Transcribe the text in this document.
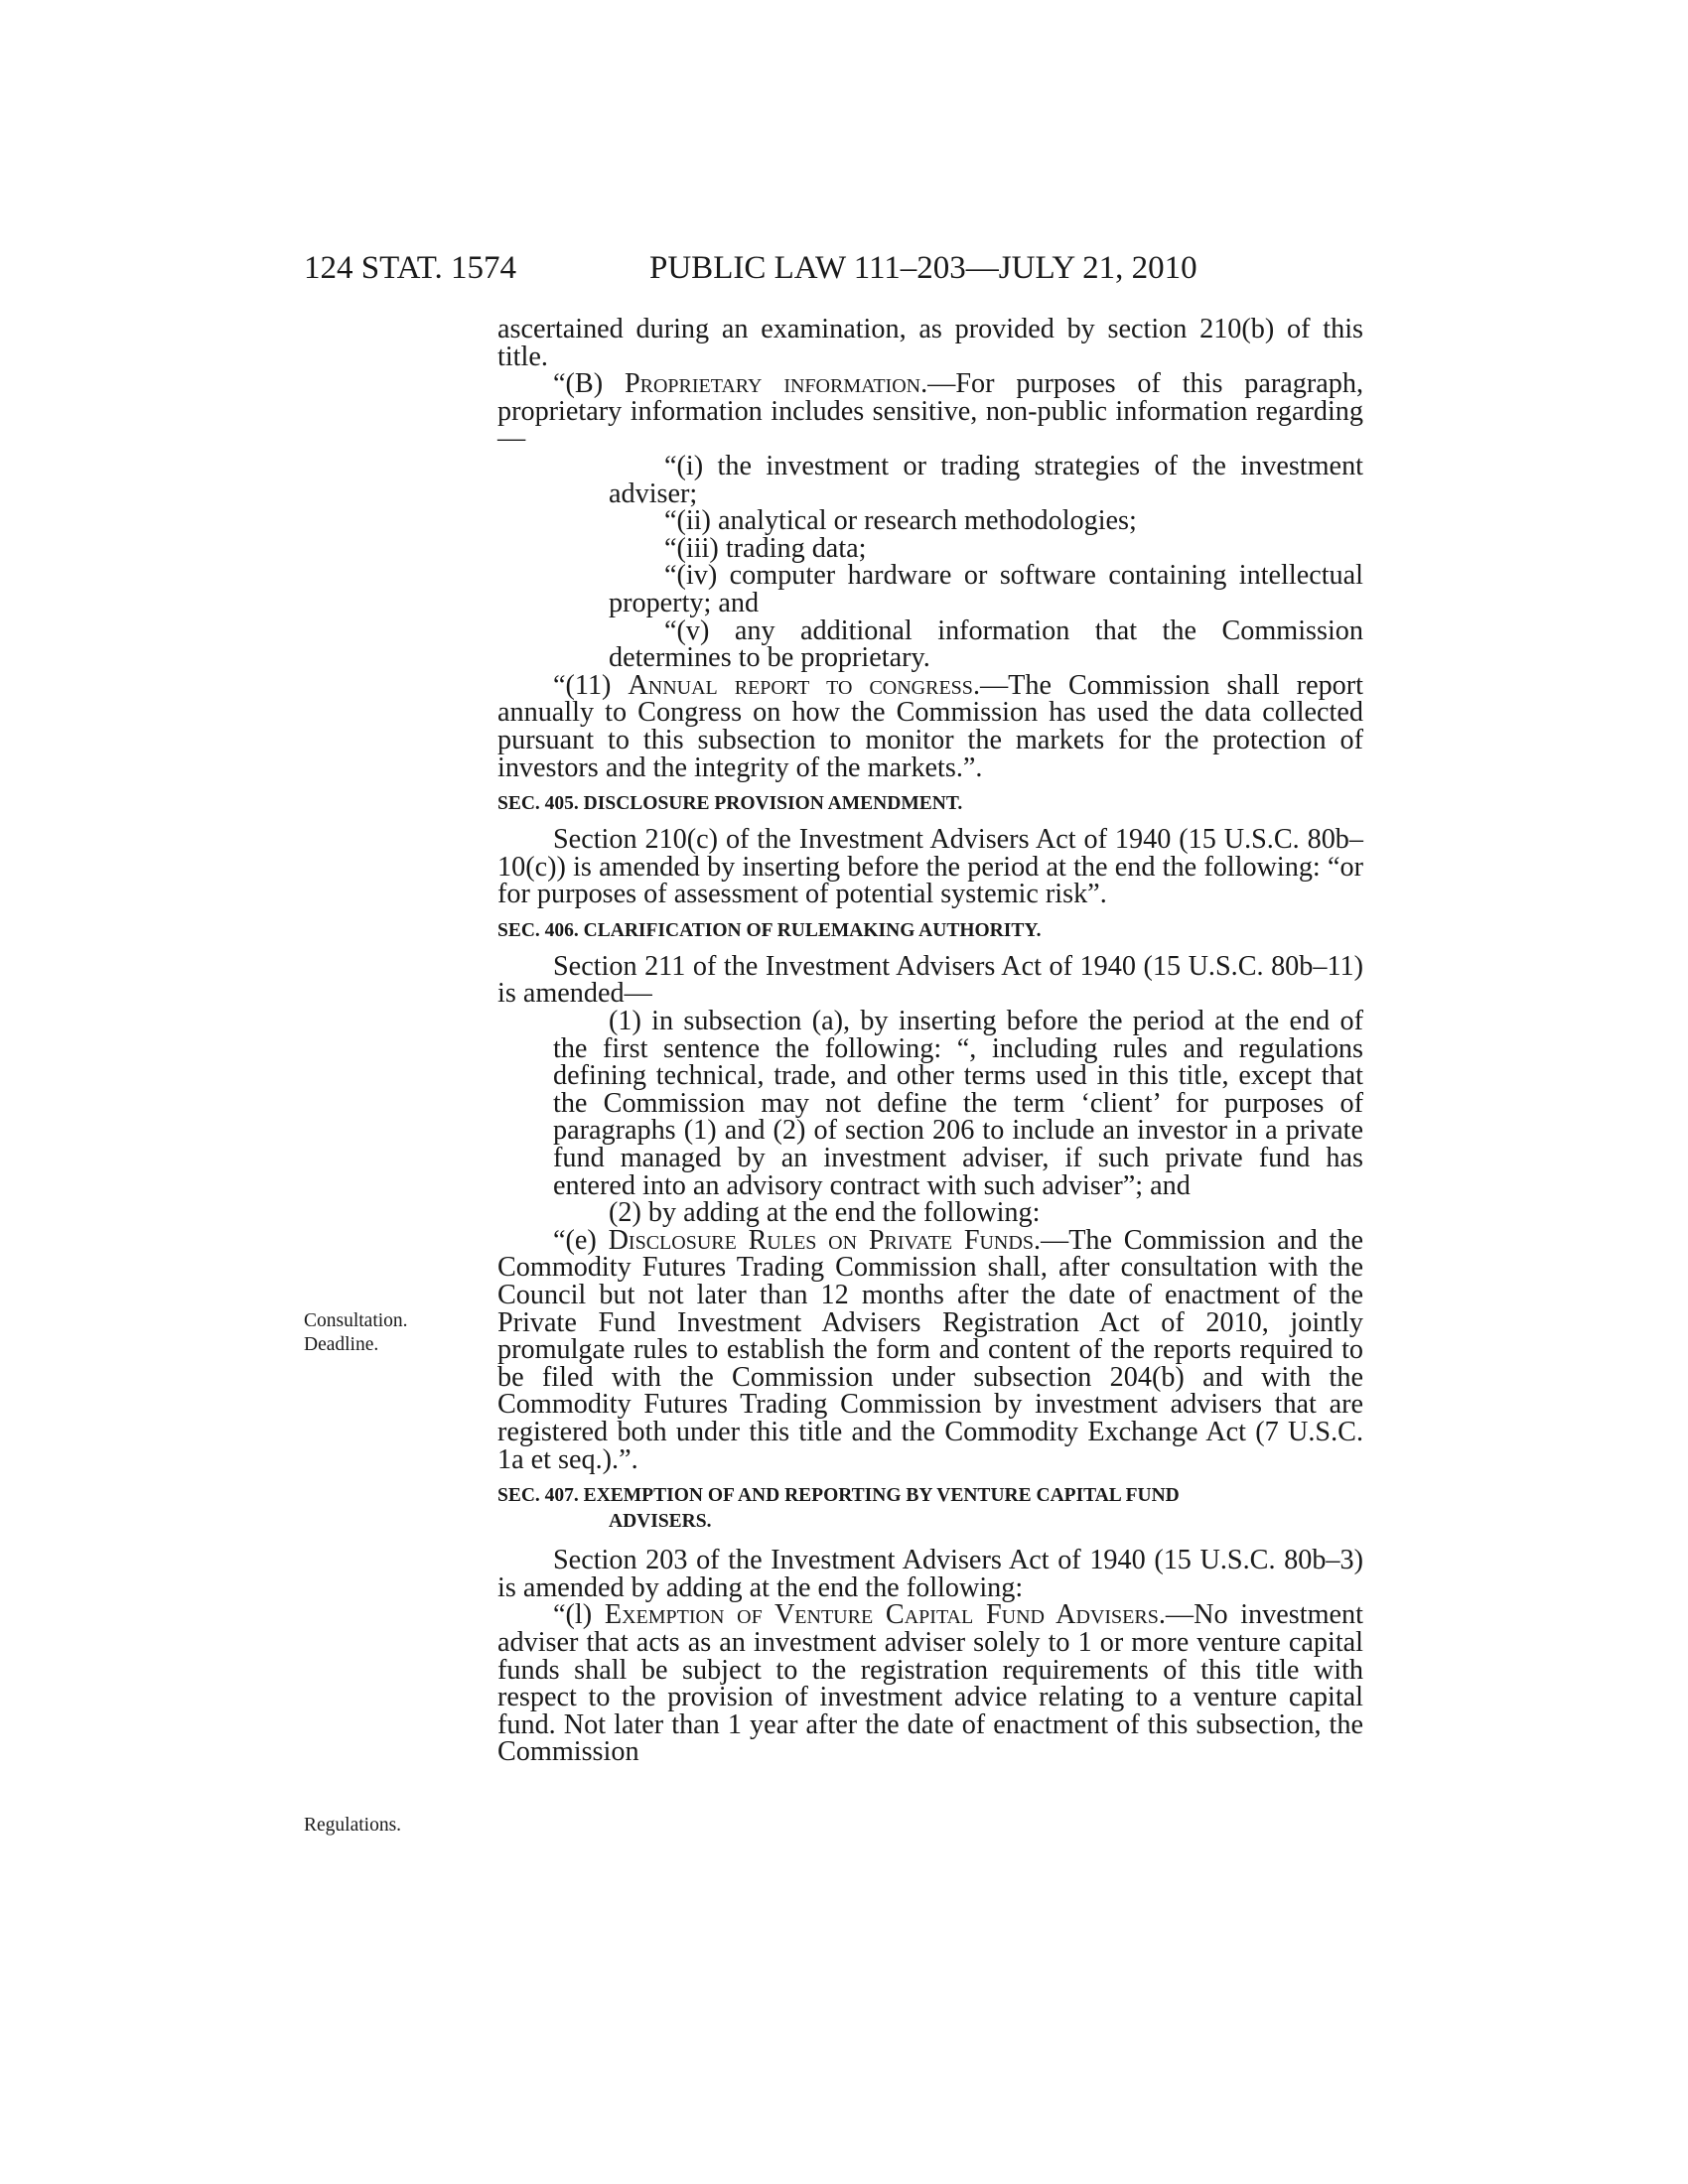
124 STAT. 1574	PUBLIC LAW 111–203—JULY 21, 2010
Consultation.
Deadline.
Regulations.

ascertained during an examination, as provided by section 210(b) of this title.

“(B) Proprietary information.—For purposes of this paragraph, proprietary information includes sensitive, non-public information regarding—

“(i) the investment or trading strategies of the investment adviser;

“(ii) analytical or research methodologies;

“(iii) trading data;

“(iv) computer hardware or software containing intellectual property; and

“(v) any additional information that the Commission determines to be proprietary.

“(11) Annual report to congress.—The Commission shall report annually to Congress on how the Commission has used the data collected pursuant to this subsection to monitor the markets for the protection of investors and the integrity of the markets.”.

SEC. 405. DISCLOSURE PROVISION AMENDMENT.

Section 210(c) of the Investment Advisers Act of 1940 (15 U.S.C. 80b–10(c)) is amended by inserting before the period at the end the following: “or for purposes of assessment of potential systemic risk”.

SEC. 406. CLARIFICATION OF RULEMAKING AUTHORITY.

Section 211 of the Investment Advisers Act of 1940 (15 U.S.C. 80b–11) is amended—

(1) in subsection (a), by inserting before the period at the end of the first sentence the following: “, including rules and regulations defining technical, trade, and other terms used in this title, except that the Commission may not define the term ‘client’ for purposes of paragraphs (1) and (2) of section 206 to include an investor in a private fund managed by an investment adviser, if such private fund has entered into an advisory contract with such adviser”; and

(2) by adding at the end the following:

“(e) Disclosure Rules on Private Funds.—The Commission and the Commodity Futures Trading Commission shall, after consultation with the Council but not later than 12 months after the date of enactment of the Private Fund Investment Advisers Registration Act of 2010, jointly promulgate rules to establish the form and content of the reports required to be filed with the Commission under subsection 204(b) and with the Commodity Futures Trading Commission by investment advisers that are registered both under this title and the Commodity Exchange Act (7 U.S.C. 1a et seq.).”.

SEC. 407. EXEMPTION OF AND REPORTING BY VENTURE CAPITAL FUND
ADVISERS.

Section 203 of the Investment Advisers Act of 1940 (15 U.S.C. 80b–3) is amended by adding at the end the following:

“(l) Exemption of Venture Capital Fund Advisers.—No investment adviser that acts as an investment adviser solely to 1 or more venture capital funds shall be subject to the registration requirements of this title with respect to the provision of investment advice relating to a venture capital fund. Not later than 1 year after the date of enactment of this subsection, the Commission
